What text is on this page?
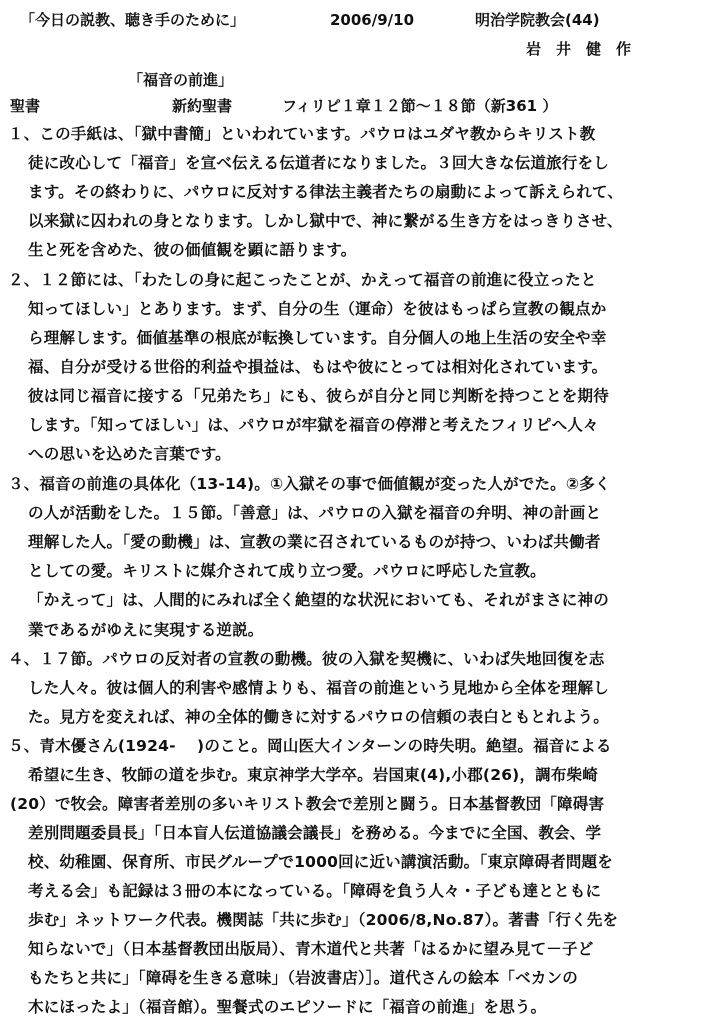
「今日の説教、聴き手のために」	2006/9/10	明治学院教会(44)
岩　井　健　作
「福音の前進」
聖書	新約聖書	フィリピ１章１２節～１８節（新361 ）
１、この手紙は、「獄中書簡」といわれています。パウロはユダヤ教からキリスト教
徒に改心して「福音」を宣べ伝える伝道者になりました。３回大きな伝道旅行をし
ます。その終わりに、パウロに反対する律法主義者たちの扇動によって訴えられて、
以来獄に囚われの身となります。しかし獄中で、神に繋がる生き方をはっきりさせ、
生と死を含めた、彼の価値観を顕に語ります。
２、１２節には、「わたしの身に起こったことが、かえって福音の前進に役立ったと
知ってほしい」とあります。まず、自分の生（運命）を彼はもっぱら宣教の観点か
ら理解します。価値基準の根底が転換しています。自分個人の地上生活の安全や幸
福、自分が受ける世俗的利益や損益は、もはや彼にとっては相対化されています。
彼は同じ福音に接する「兄弟たち」にも、彼らが自分と同じ判断を持つことを期待
します。「知ってほしい」は、パウロが牢獄を福音の停滞と考えたフィリピへ人々
への思いを込めた言葉です。
３、福音の前進の具体化（13-14)。①入獄その事で価値観が変った人がでた。②多く
の人が活動をした。１５節。「善意」は、パウロの入獄を福音の弁明、神の計画と
理解した人。「愛の動機」は、宣教の業に召されているものが持つ、いわば共働者
としての愛。キリストに媒介されて成り立つ愛。パウロに呼応した宣教。
「かえって」は、人間的にみれば全く絶望的な状況においても、それがまさに神の
業であるがゆえに実現する逆説。
４、１７節。パウロの反対者の宣教の動機。彼の入獄を契機に、いわば失地回復を志
した人々。彼は個人的利害や感情よりも、福音の前進という見地から全体を理解し
た。見方を変えれば、神の全体的働きに対するパウロの信頼の表白ともとれよう。
５、青木優さん(1924-　 )のこと。岡山医大インターンの時失明。絶望。福音による
希望に生き、牧師の道を歩む。東京神学大学卒。岩国東(4),小郡(26)，調布柴崎
(20）で牧会。障害者差別の多いキリスト教会で差別と闘う。日本基督教団「障碍害
差別問題委員長」「日本盲人伝道協議会議長」を務める。今までに全国、教会、学
校、幼稚園、保育所、市民グループで1000回に近い講演活動。「東京障碍者問題を
考える会」も記録は３冊の本になっている。「障碍を負う人々・子ども達とともに
歩む」ネットワーク代表。機関誌「共に歩む」（2006/8,No.87）。著書「行く先を
知らないで」（日本基督教団出版局）、青木道代と共著「はるかに望み見て－子ど
もたちと共に」「障碍を生きる意味」（岩波書店）］。道代さんの絵本「ベカンの
木にほったよ」（福音館）。聖餐式のエピソードに「福音の前進」を思う。
